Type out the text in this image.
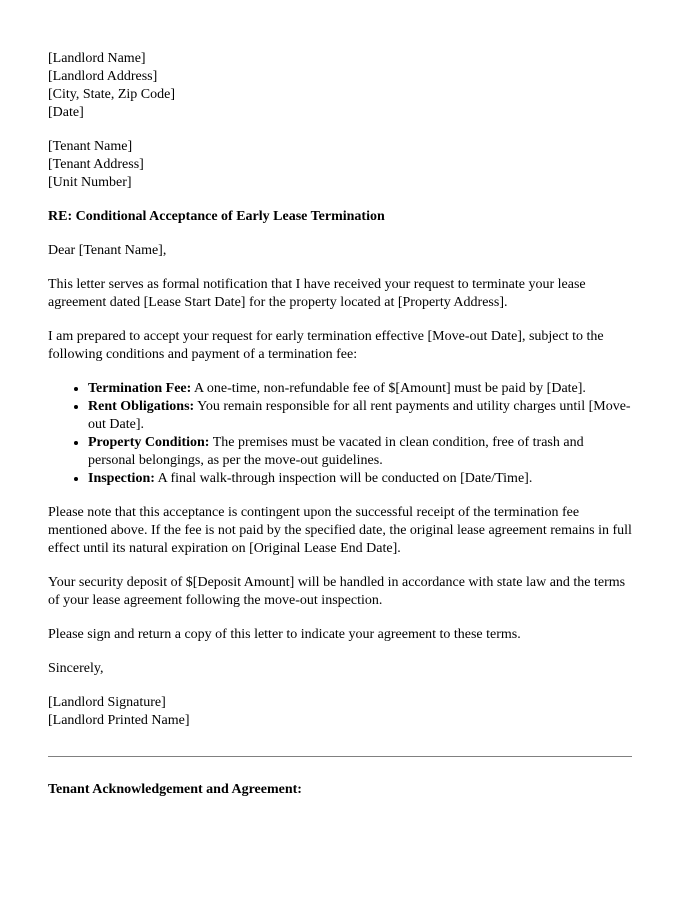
[Landlord Name]
[Landlord Address]
[City, State, Zip Code]
[Date]
[Tenant Name]
[Tenant Address]
[Unit Number]

RE: Conditional Acceptance of Early Lease Termination

Dear [Tenant Name],

This letter serves as formal notification that I have received your request to terminate your lease agreement dated [Lease Start Date] for the property located at [Property Address].

I am prepared to accept your request for early termination effective [Move-out Date], subject to the following conditions and payment of a termination fee:

• Termination Fee: A one-time, non-refundable fee of $[Amount] must be paid by [Date].
• Rent Obligations: You remain responsible for all rent payments and utility charges until [Move-out Date].
• Property Condition: The premises must be vacated in clean condition, free of trash and personal belongings, as per the move-out guidelines.
• Inspection: A final walk-through inspection will be conducted on [Date/Time].

Please note that this acceptance is contingent upon the successful receipt of the termination fee mentioned above. If the fee is not paid by the specified date, the original lease agreement remains in full effect until its natural expiration on [Original Lease End Date].

Your security deposit of $[Deposit Amount] will be handled in accordance with state law and the terms of your lease agreement following the move-out inspection.

Please sign and return a copy of this letter to indicate your agreement to these terms.

Sincerely,

[Landlord Signature]
[Landlord Printed Name]

Tenant Acknowledgement and Agreement:
